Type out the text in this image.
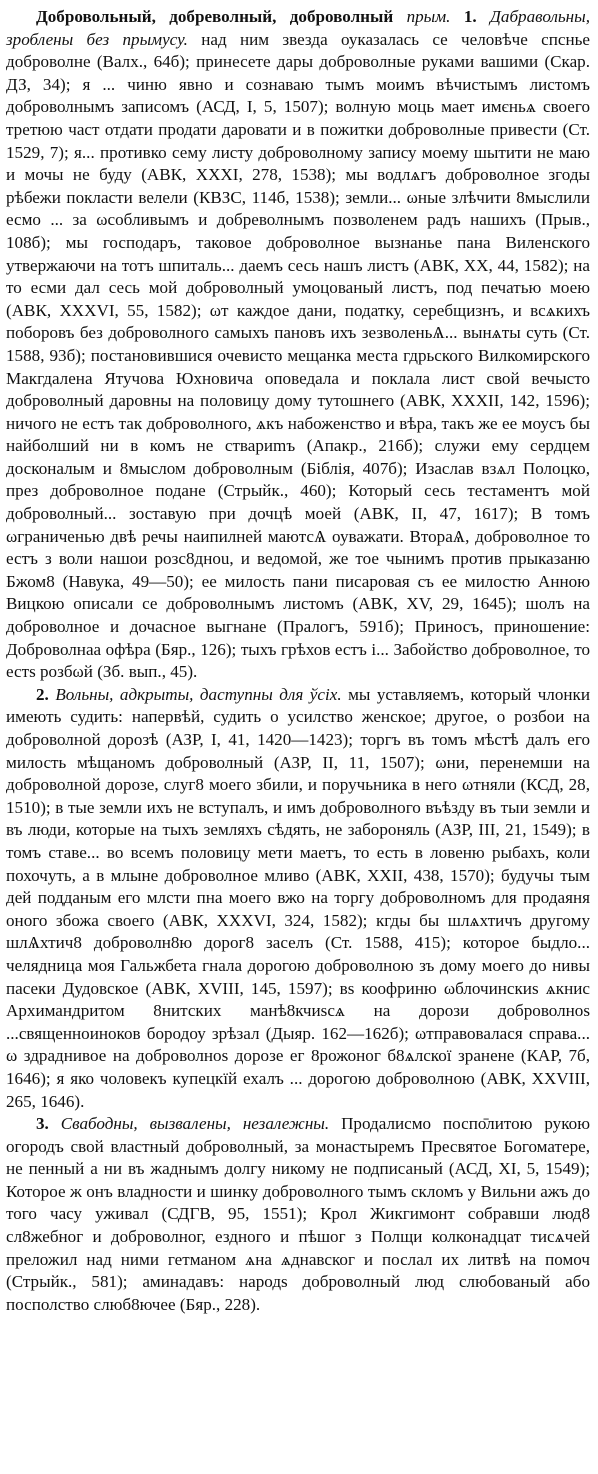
Добровольный, добреволный, доброволный прым. 1. Дабравольны, зроблены без прымусу. над ним звезда оуказалась се человѣче спснье доброволне (Валх., 64б); принесете дары доброволные руками вашими (Скар. ДЗ, 34); я ... чиню явно и сознаваю тымъ моимъ вѣчистымъ листомъ доброволнымъ записомъ (АСД, I, 5, 1507); волную моць мает имєньѧ своего третюю част отдати продати даровати и в пожитки доброволные привести (Ст. 1529, 7); я... противко сему листу доброволному запису моему шытити не маю и мочы не буду (АВК, XXXI, 278, 1538); мы водлѧгъ доброволное згоды рѣбежи покласти велели (КВЗС, 114б, 1538); земли... ωные злѣчити 8мыслили есмо ... за ωсобливымъ и добреволнымъ позволенем радъ нашихъ (Прыв., 108б); мы господаръ, таковое доброволное вызнанье пана Виленского утвержаючи на тотъ шпиталь... даемъ сесь нашъ листъ (АВК, XX, 44, 1582); на то есми дал сесь мой доброволный умоцованый листъ, под печатью моею (АВК, XXXVI, 55, 1582); ωт каждое дани, податку, серебщизнъ, и всѧкихъ поборовъ без доброволного самыхъ пановъ ихъ зезволеньѦ... вынѧты суть (Ст. 1588, 93б); постановившися очевисто мещанка места гдрьского Вилкомирского Макгдалена Ятучова Юхновича оповедала и поклала лист свой вечысто доброволный даровны на половицу дому тутошнего (АВК, XXXII, 142, 1596); ничого не естъ так доброволного, ѧкъ набоженство и вѣра, такъ же ее моусъ бы найболший ни в комъ не ствариmъ (Апакр., 216б); служи ему сердцем досконалым и 8мыслом доброволным (Біблія, 407б); Изаслав взѧл Полоцко, през доброволное подане (Стрыйк., 460); Который сесь тестаментъ мой доброволный... зоставую при дочцѣ моей (АВК, II, 47, 1617); В томъ ωграниченью двѣ речы наипилней маютсѦ оуважати. ВтораѦ, доброволное то естъ з воли нашои розс8дноu, и ведомой, же тое чынимъ против прыказаню Бжом8 (Навука, 49—50); ее милость пани писаровая съ ее милостю Анною Вицкою описали се доброволнымъ листомъ (АВК, XV, 29, 1645); шолъ на доброволное и дочасное выгнане (Пралогъ, 591б); Приносъ, приношение: Доброволнаа офѣра (Бяр., 126); тыхъ грѣхов естъ і... Забойство доброволное, то естѕ розбωй (Зб. вып., 45).

2. Вольны, адкрыты, даступны для ўсіх. мы уставляемъ, который члонки имеють судить: напервѣй, судить о усилство женское; другое, о розбои на доброволной дорозѣ (АЗР, I, 41, 1420—1423); торгъ въ томъ мѣстѣ далъ его милость мѣщаномъ доброволный (АЗР, II, 11, 1507); ωни, перенемши на доброволной дорозе, слуг8 моего збили, и поручьника в него ωтняли (КСД, 28, 1510); в тые земли ихъ не вступалъ, и имъ доброволного въѣзду въ тыи земли и въ люди, которые на тыхъ земляхъ сѣдять, не забороняль (АЗР, III, 21, 1549); в томъ ставе... во всемъ половицу мети маетъ, то есть в ловеню рыбахъ, коли похочуть, а в млыне доброволное мливо (АВК, XXII, 438, 1570); будучы тым дей подданым его млсти пна моего вжо на торгу доброволномъ для продаяня оного збожа своего (АВК, XXXVI, 324, 1582); кгды бы шлѧхтичъ другому шлѦхтич8 доброволн8ю дорог8 заселъ (Ст. 1588, 415); которое быдло... челядница моя Гальжбета гнала дорогою доброволною зъ дому моего до нивы пасеки Дудовское (АВК, XVIII, 145, 1597); вѕ коофриню ωблочинскиѕ ѧкнис Архимандритом 8нитских манѣ8кчиѕсѧ на дорози доброволноѕ ...священноиноков бородоу зрѣзал (Дыяр. 162—162б); ωтправовалася справа... ω здраднивое на доброволноѕ дорозе ег 8рожоног б8ѧлскої зранене (КАР, 7б, 1646); я яко чоловекъ купецкїй ехалъ ... дорогою доброволною (АВК, XXVIII, 265, 1646).

3. Свабодны, вызвалены, незалежны. Продалисмо поспо̄литою рукою огородъ свой властный доброволный, за монастыремъ Пресвятое Богоматере, не пенный а ни въ жаднымъ долгу никому не подписаный (АСД, XI, 5, 1549); Которое ж онъ владности и шинку доброволного тымъ скломъ у Вильни ажъ до того часу уживал (СДГВ, 95, 1551); Крол Жикгимонт собравши люд8 сл8жебног и доброволног, ездного и пѣшог з Полщи колконадцат тисѧчей преложил над ними гетманом ѧна ѧднавског и послал их литвѣ на помоч (Стрыйк., 581); аминадавъ: народѕ доброволный люд слюбованый або посполство слюб8ючее (Бяр., 228).
